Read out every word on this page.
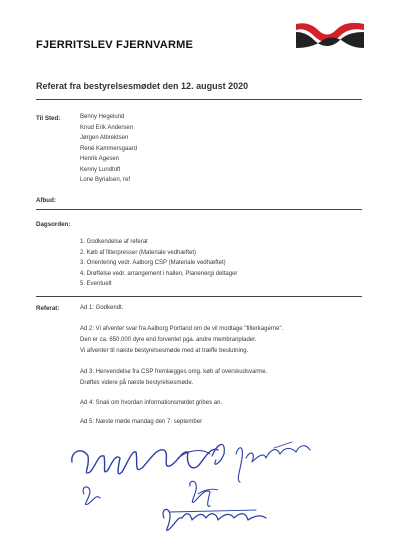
FJERRITSLEV FJERNVARME
Referat fra bestyrelsesmødet den 12. august 2020
Til Sted:	Benny Hegelund
Knud Erik Andersen
Jørgen Albrektsen
René Kammersgaard
Henrik Agesen
Kenny Lundtoft
Lone Byrialsen, ref
Afbud:
Dagsorden:
1. Godkendelse af referat
2. Køb af filterpresser (Materiale vedhæftet)
3. Orientering vedr. Aalborg CSP (Materiale vedhæftet)
4. Drøftelse vedr. arrangement i hallen, Planenergi deltager
5. Eventuelt
Referat:	Ad 1: Godkendt.
Ad 2: Vi afventer svar fra Aalborg Portland om de vil modtage "filterkagerne".
Den er ca. 650.000 dyre end forventet pga. andre membranplader.
Vi afventer til næste bestyrelsesmøde med at træffe beslutning.
Ad 3: Henvendelse fra CSP fremlægges omg. køb af overskudsvarme.
Drøftes videre på næste bestyrelsesmøde.
Ad 4: Snak om hvordan informationsmødet gribes an.
Ad 5: Næste møde mandag den 7. september
